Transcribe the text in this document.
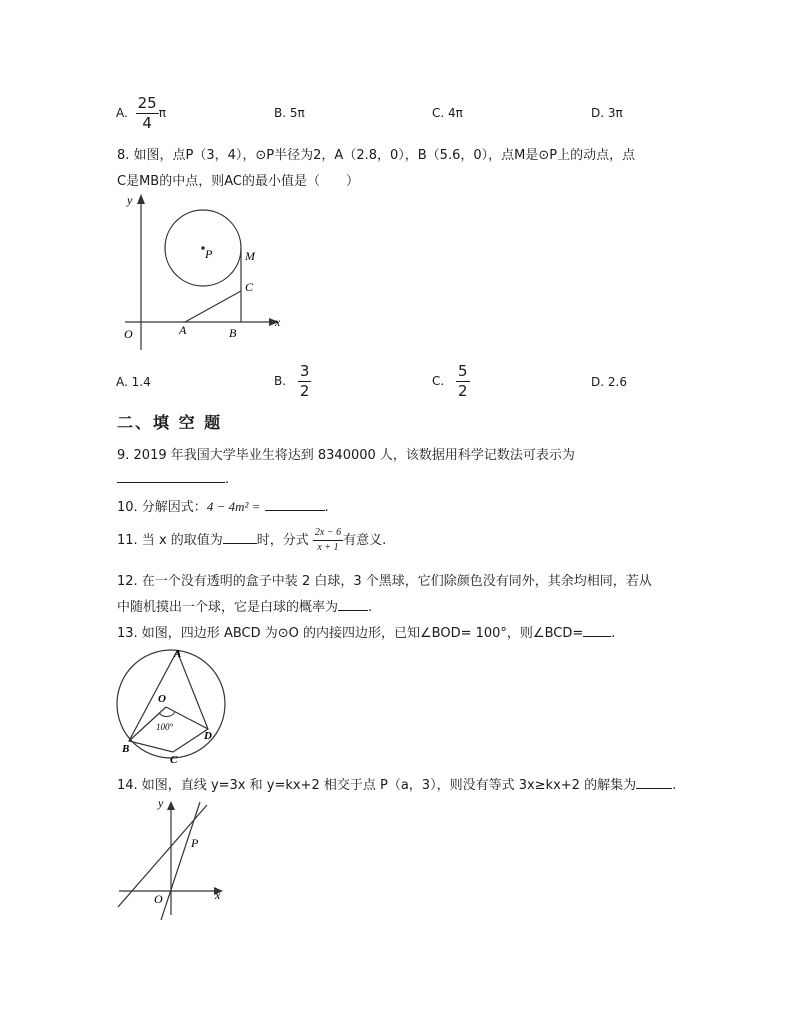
A. $\frac{25}{4}$ π	B. 5π	C. 4π	D. 3π
8. 如图，点P（3，4），⊙P半径为2，A（2.8，0），B（5.6，0），点M是⊙P上的动点，点
C是MB的中点，则AC的最小值是（　　）
y
x
O
P	M
C
A	B
A. 1.4	B. $\frac{3}{2}$	C. $\frac{5}{2}$	D. 2.6
二、填 空 题
9. 2019 年我国大学毕业生将达到 8340000 人，该数据用科学记数法可表示为
.
10. 分解因式：4 − 4m² =	.
11. 当 x 的取值为	时，分式 $\frac{2x - 6}{x + 1}$ 有意义.
12. 在一个没有透明的盒子中装 2 白球，3 个黑球，它们除颜色没有同外，其余均相同，若从
中随机摸出一个球，它是白球的概率为 .
13. 如图，四边形 ABCD 为⊙O 的内接四边形，已知∠BOD= 100°，则∠BCD= .
A
O
100°
B
C
D
14. 如图，直线 y=3x 和 y=kx+2 相交于点 P（a，3），则没有等式 3x≥kx+2 的解集为	.
y
x
O
P
